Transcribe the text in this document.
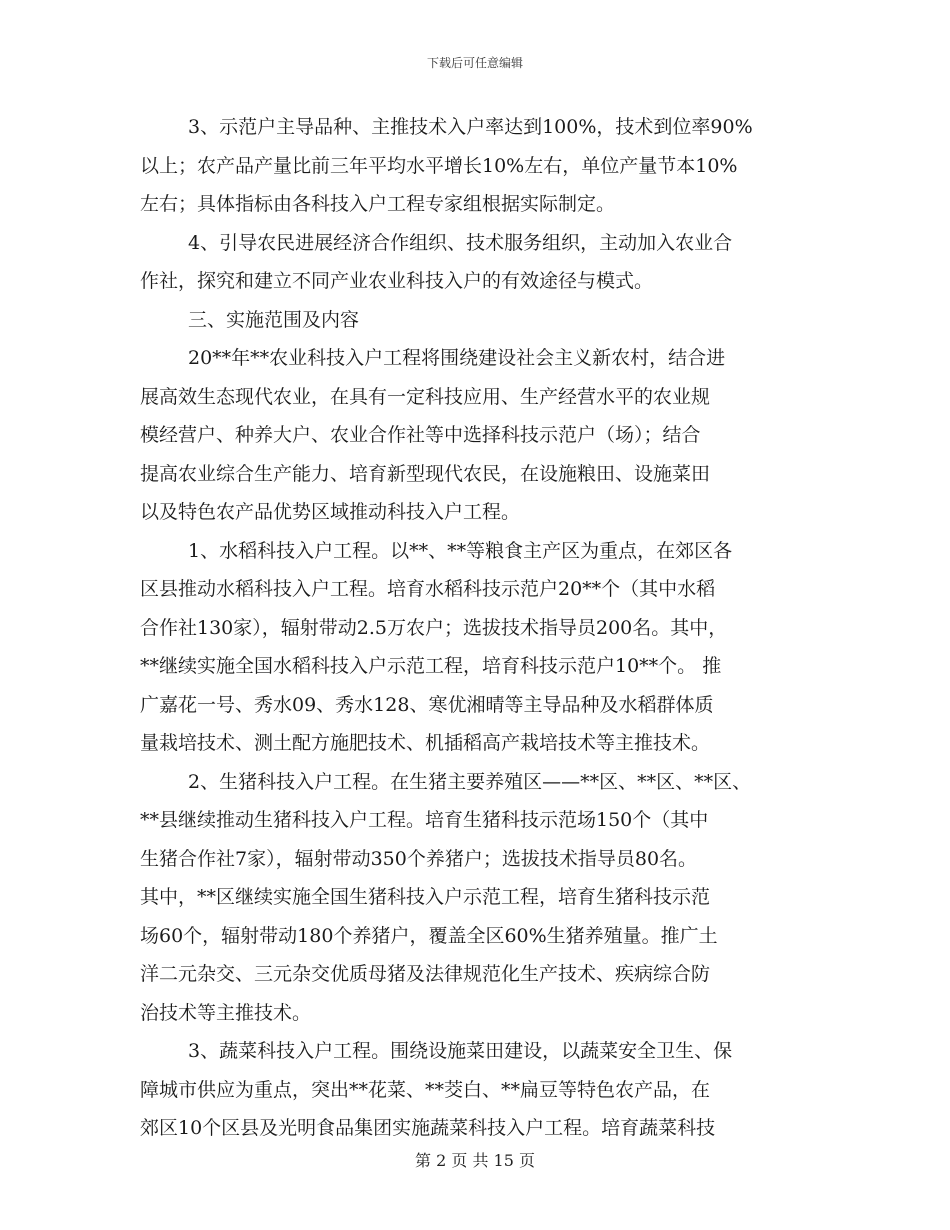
下载后可任意编辑
3、示范户主导品种、主推技术入户率达到100%，技术到位率90%
以上；农产品产量比前三年平均水平增长10%左右，单位产量节本10%
左右；具体指标由各科技入户工程专家组根据实际制定。
4、引导农民进展经济合作组织、技术服务组织，主动加入农业合
作社，探究和建立不同产业农业科技入户的有效途径与模式。
三、实施范围及内容
20**年**农业科技入户工程将围绕建设社会主义新农村，结合进
展高效生态现代农业，在具有一定科技应用、生产经营水平的农业规
模经营户、种养大户、农业合作社等中选择科技示范户（场）；结合
提高农业综合生产能力、培育新型现代农民，在设施粮田、设施菜田
以及特色农产品优势区域推动科技入户工程。
1、水稻科技入户工程。以**、**等粮食主产区为重点，在郊区各
区县推动水稻科技入户工程。培育水稻科技示范户20**个（其中水稻
合作社130家），辐射带动2.5万农户；选拔技术指导员200名。其中，
**继续实施全国水稻科技入户示范工程，培育科技示范户10**个。 推
广嘉花一号、秀水09、秀水128、寒优湘晴等主导品种及水稻群体质
量栽培技术、测土配方施肥技术、机插稻高产栽培技术等主推技术。
2、生猪科技入户工程。在生猪主要养殖区——**区、**区、**区、
**县继续推动生猪科技入户工程。培育生猪科技示范场150个（其中
生猪合作社7家），辐射带动350个养猪户；选拔技术指导员80名。
其中，**区继续实施全国生猪科技入户示范工程，培育生猪科技示范
场60个，辐射带动180个养猪户，覆盖全区60%生猪养殖量。推广土
洋二元杂交、三元杂交优质母猪及法律规范化生产技术、疾病综合防
治技术等主推技术。
3、蔬菜科技入户工程。围绕设施菜田建设，以蔬菜安全卫生、保
障城市供应为重点，突出**花菜、**茭白、**扁豆等特色农产品，在
郊区10个区县及光明食品集团实施蔬菜科技入户工程。培育蔬菜科技
第 2 页 共 15 页
